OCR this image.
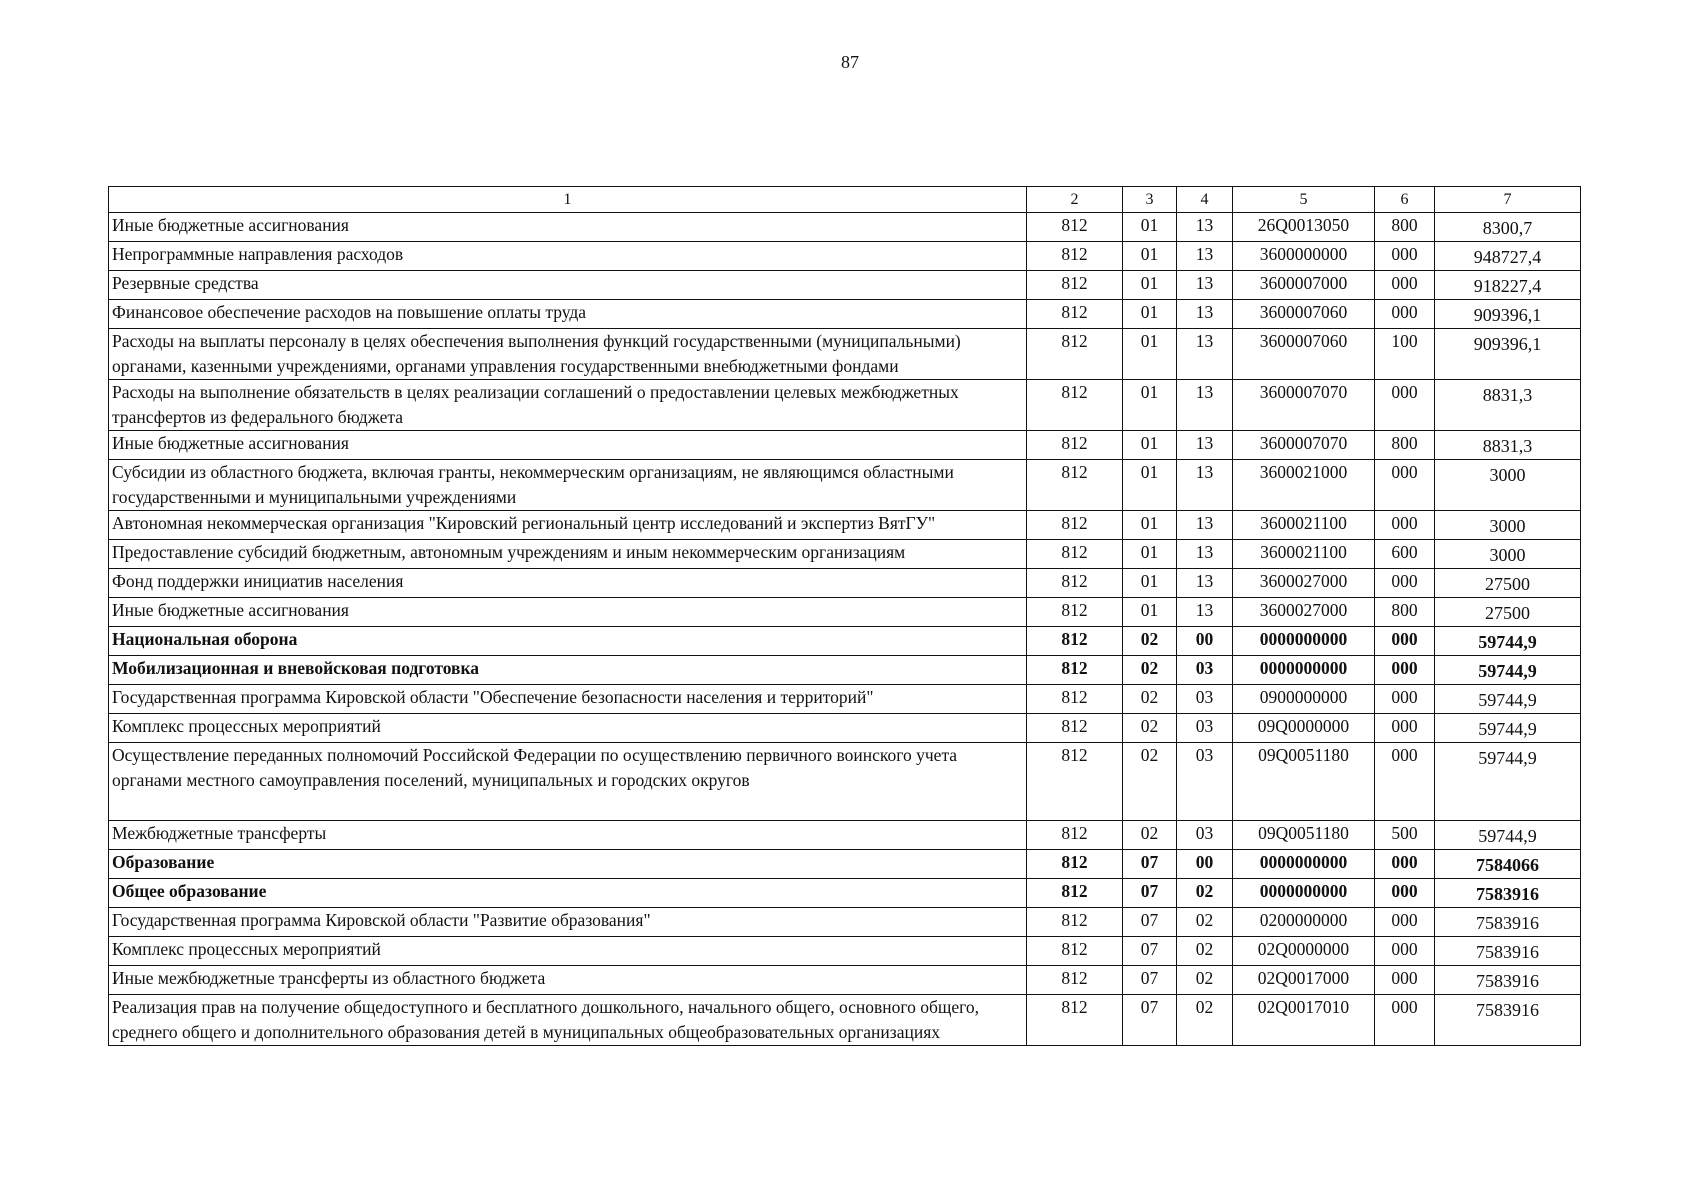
87
1	2	3	4	5	6	7
Иные бюджетные ассигнования	812	01	13	26Q0013050	800	8300,7
Непрограммные направления расходов	812	01	13	3600000000	000	948727,4
Резервные средства	812	01	13	3600007000	000	918227,4
Финансовое обеспечение расходов на повышение оплаты труда	812	01	13	3600007060	000	909396,1
Расходы на выплаты персоналу в целях обеспечения выполнения функций государственными (муниципальными) органами, казенными учреждениями, органами управления государственными внебюджетными фондами	812	01	13	3600007060	100	909396,1
Расходы на выполнение обязательств в целях реализации соглашений о предоставлении целевых межбюджетных трансфертов из федерального бюджета	812	01	13	3600007070	000	8831,3
Иные бюджетные ассигнования	812	01	13	3600007070	800	8831,3
Субсидии из областного бюджета, включая гранты, некоммерческим организациям, не являющимся областными государственными и муниципальными учреждениями	812	01	13	3600021000	000	3000
Автономная некоммерческая организация "Кировский региональный центр исследований и экспертиз ВятГУ"	812	01	13	3600021100	000	3000
Предоставление субсидий бюджетным, автономным учреждениям и иным некоммерческим организациям	812	01	13	3600021100	600	3000
Фонд поддержки инициатив населения	812	01	13	3600027000	000	27500
Иные бюджетные ассигнования	812	01	13	3600027000	800	27500
Национальная оборона	812	02	00	0000000000	000	59744,9
Мобилизационная и вневойсковая подготовка	812	02	03	0000000000	000	59744,9
Государственная программа Кировской области "Обеспечение безопасности населения и территорий"	812	02	03	0900000000	000	59744,9
Комплекс процессных мероприятий	812	02	03	09Q0000000	000	59744,9
Осуществление переданных полномочий Российской Федерации по осуществлению первичного воинского учета органами местного самоуправления поселений, муниципальных и городских округов	812	02	03	09Q0051180	000	59744,9
Межбюджетные трансферты	812	02	03	09Q0051180	500	59744,9
Образование	812	07	00	0000000000	000	7584066
Общее образование	812	07	02	0000000000	000	7583916
Государственная программа Кировской области "Развитие образования"	812	07	02	0200000000	000	7583916
Комплекс процессных мероприятий	812	07	02	02Q0000000	000	7583916
Иные межбюджетные трансферты из областного бюджета	812	07	02	02Q0017000	000	7583916
Реализация прав на получение общедоступного и бесплатного дошкольного, начального общего, основного общего, среднего общего и дополнительного образования детей в муниципальных общеобразовательных организациях	812	07	02	02Q0017010	000	7583916
